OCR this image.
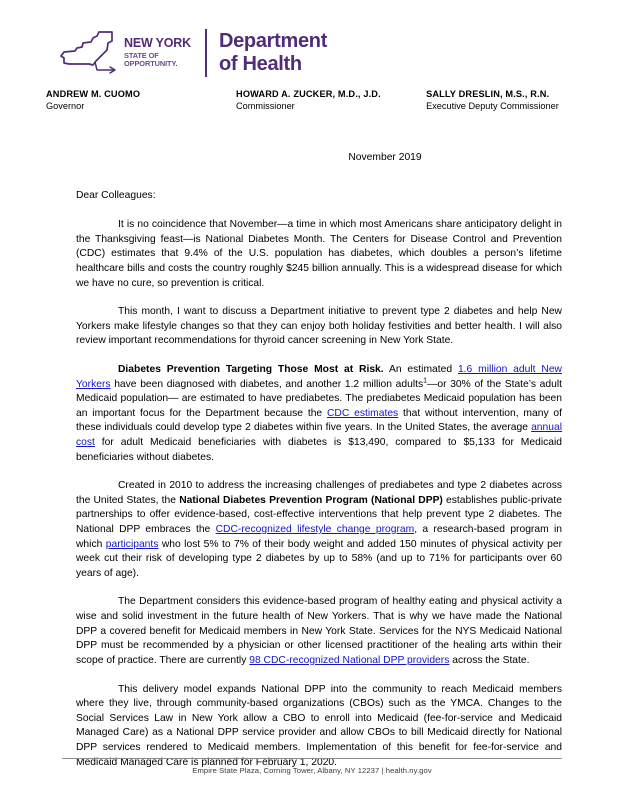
NEW YORK
STATE OF
OPPORTUNITY.
Department
of Health
ANDREW M. CUOMO
Governor
HOWARD A. ZUCKER, M.D., J.D.
Commissioner
SALLY DRESLIN, M.S., R.N.
Executive Deputy Commissioner
November 2019
Dear Colleagues:

It is no coincidence that November—a time in which most Americans share anticipatory delight in the Thanksgiving feast—is National Diabetes Month. The Centers for Disease Control and Prevention (CDC) estimates that 9.4% of the U.S. population has diabetes, which doubles a person’s lifetime healthcare bills and costs the country roughly $245 billion annually. This is a widespread disease for which we have no cure, so prevention is critical.

This month, I want to discuss a Department initiative to prevent type 2 diabetes and help New Yorkers make lifestyle changes so that they can enjoy both holiday festivities and better health. I will also review important recommendations for thyroid cancer screening in New York State.

Diabetes Prevention Targeting Those Most at Risk. An estimated 1.6 million adult New Yorkers have been diagnosed with diabetes, and another 1.2 million adults$^1$—or 30% of the State’s adult Medicaid population— are estimated to have prediabetes. The prediabetes Medicaid population has been an important focus for the Department because the CDC estimates that without intervention, many of these individuals could develop type 2 diabetes within five years. In the United States, the average annual cost for adult Medicaid beneficiaries with diabetes is $13,490, compared to $5,133 for Medicaid beneficiaries without diabetes.

Created in 2010 to address the increasing challenges of prediabetes and type 2 diabetes across the United States, the National Diabetes Prevention Program (National DPP) establishes public-private partnerships to offer evidence-based, cost-effective interventions that help prevent type 2 diabetes. The National DPP embraces the CDC-recognized lifestyle change program, a research-based program in which participants who lost 5% to 7% of their body weight and added 150 minutes of physical activity per week cut their risk of developing type 2 diabetes by up to 58% (and up to 71% for participants over 60 years of age).

The Department considers this evidence-based program of healthy eating and physical activity a wise and solid investment in the future health of New Yorkers. That is why we have made the National DPP a covered benefit for Medicaid members in New York State. Services for the NYS Medicaid National DPP must be recommended by a physician or other licensed practitioner of the healing arts within their scope of practice. There are currently 98 CDC-recognized National DPP providers across the State.

This delivery model expands National DPP into the community to reach Medicaid members where they live, through community-based organizations (CBOs) such as the YMCA. Changes to the Social Services Law in New York allow a CBO to enroll into Medicaid (fee-for-service and Medicaid Managed Care) as a National DPP service provider and allow CBOs to bill Medicaid directly for National DPP services rendered to Medicaid members. Implementation of this benefit for fee-for-service and Medicaid Managed Care is planned for February 1, 2020.

Empire State Plaza, Corning Tower, Albany, NY 12237 | health.ny.gov
